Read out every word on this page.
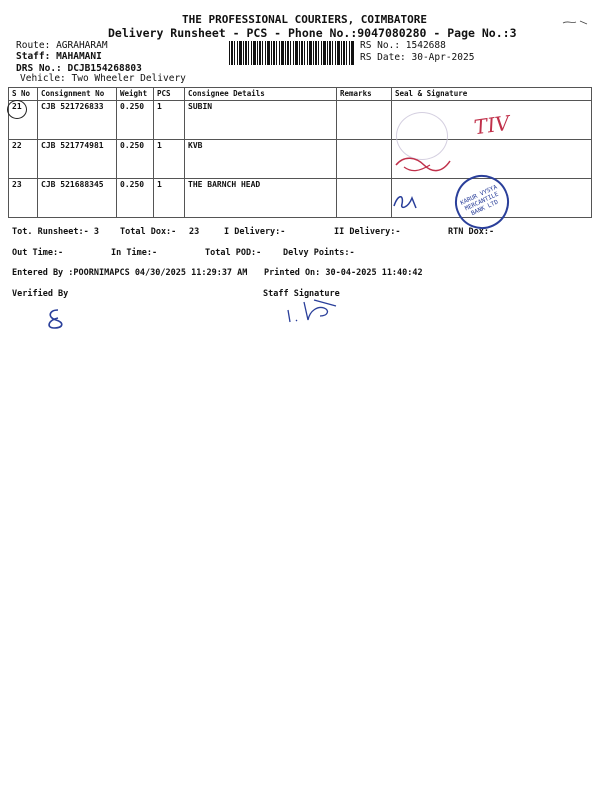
THE PROFESSIONAL COURIERS, COIMBATORE
Delivery Runsheet - PCS - Phone No.:9047080280 - Page No.:3
Route: AGRAHARAM
Staff: MAHAMANI
DRS No.: DCJB154268803
Vehicle: Two Wheeler Delivery
RS No.: 1542688
RS Date: 30-Apr-2025
S No	Consignment No	Weight	PCS	Consignee Details	Remarks	Seal & Signature
21	CJB 521726833	0.250	1	SUBIN		
22	CJB 521774981	0.250	1	KVB		
23	CJB 521688345	0.250	1	THE BARNCH HEAD		
TIV
KARUR VYSYA MERCANTILE BANK LTD
Tot. Runsheet:- 3 Total Dox:- 23	I Delivery:-	II Delivery:-	RTN Dox:-
Out Time:-	In Time:-	Total POD:-	Delvy Points:-
Entered By :POORNIMAPCS 04/30/2025 11:29:37 AM Printed On: 30-04-2025 11:40:42
Verified By	Staff Signature
